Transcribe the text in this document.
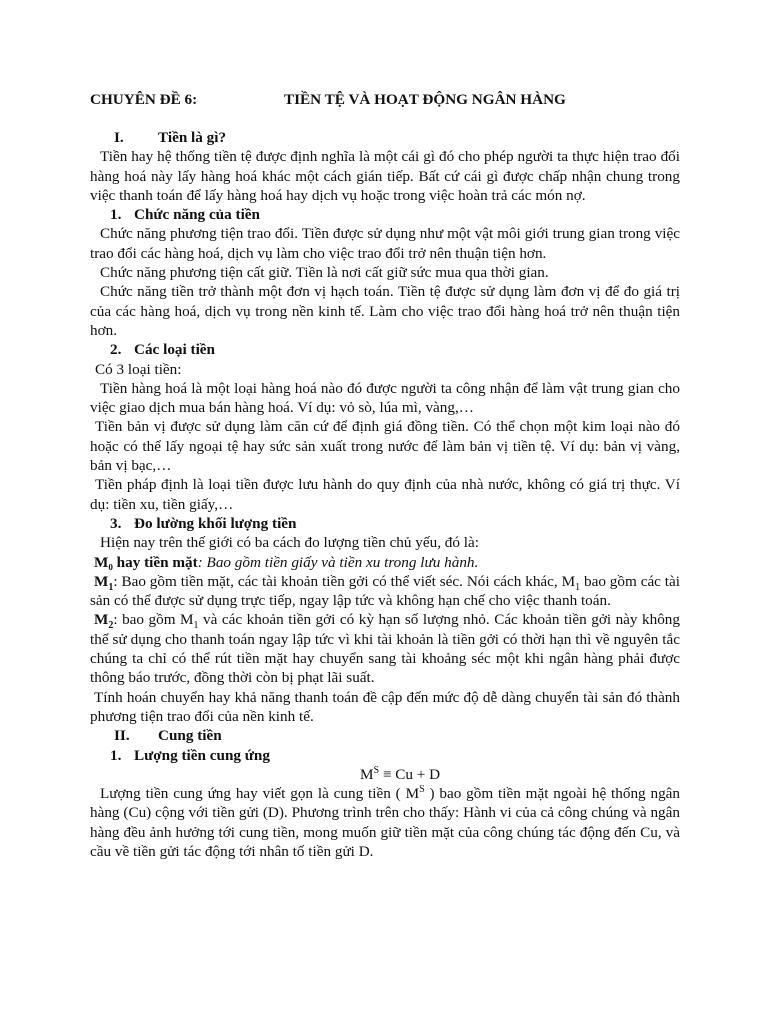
CHUYÊN ĐỀ 6:	TIỀN TỆ VÀ HOẠT ĐỘNG NGÂN HÀNG
I. Tiền là gì?

Tiền hay hệ thống tiền tệ được định nghĩa là một cái gì đó cho phép người ta thực hiện trao đổi hàng hoá này lấy hàng hoá khác một cách gián tiếp. Bất cứ cái gì được chấp nhận chung trong việc thanh toán để lấy hàng hoá hay dịch vụ hoặc trong việc hoàn trả các món nợ.

1. Chức năng của tiền

Chức năng phương tiện trao đổi. Tiền được sử dụng như một vật môi giới trung gian trong việc trao đổi các hàng hoá, dịch vụ làm cho việc trao đổi trở nên thuận tiện hơn.

Chức năng phương tiện cất giữ. Tiền là nơi cất giữ sức mua qua thời gian.

Chức năng tiền trở thành một đơn vị hạch toán. Tiền tệ được sử dụng làm đơn vị để đo giá trị của các hàng hoá, dịch vụ trong nền kinh tế. Làm cho việc trao đổi hàng hoá trở nên thuận tiện hơn.

2. Các loại tiền

Có 3 loại tiền:

Tiền hàng hoá là một loại hàng hoá nào đó được người ta công nhận để làm vật trung gian cho việc giao dịch mua bán hàng hoá. Ví dụ: vỏ sò, lúa mì, vàng,…

Tiền bản vị được sử dụng làm căn cứ để định giá đồng tiền. Có thể chọn một kim loại nào đó hoặc có thể lấy ngoại tệ hay sức sản xuất trong nước để làm bản vị tiền tệ. Ví dụ: bản vị vàng, bản vị bạc,…

Tiền pháp định là loại tiền được lưu hành do quy định của nhà nước, không có giá trị thực. Ví dụ: tiền xu, tiền giấy,…

3. Đo lường khối lượng tiền

Hiện nay trên thế giới có ba cách đo lượng tiền chủ yếu, đó là:

M₀ hay tiền mặt: Bao gồm tiền giấy và tiền xu trong lưu hành.

$M_1$: Bao gồm tiền mặt, các tài khoản tiền gởi có thể viết séc. Nói cách khác, $M_1$ bao gồm các tài sản có thể được sử dụng trực tiếp, ngay lập tức và không hạn chế cho việc thanh toán.

$M_2$: bao gồm $M_1$ và các khoản tiền gởi có kỳ hạn số lượng nhỏ. Các khoản tiền gởi này không thể sử dụng cho thanh toán ngay lập tức vì khi tài khoản là tiền gởi có thời hạn thì về nguyên tắc chúng ta chỉ có thể rút tiền mặt hay chuyển sang tài khoảng séc một khi ngân hàng phải được thông báo trước, đồng thời còn bị phạt lãi suất.

Tính hoán chuyển hay khả năng thanh toán đề cập đến mức độ dễ dàng chuyển tài sản đó thành phương tiện trao đổi của nền kinh tế.

II. Cung tiền
1. Lượng tiền cung ứng

$M^S \equiv Cu + D$

Lượng tiền cung ứng hay viết gọn là cung tiền ( $M^S$ ) bao gồm tiền mặt ngoài hệ thống ngân hàng (Cu) cộng với tiền gửi (D). Phương trình trên cho thấy: Hành vi của cả công chúng và ngân hàng đều ảnh hưởng tới cung tiền, mong muốn giữ tiền mặt của công chúng tác động đến Cu, và cầu về tiền gửi tác động tới nhân tố tiền gửi D.
